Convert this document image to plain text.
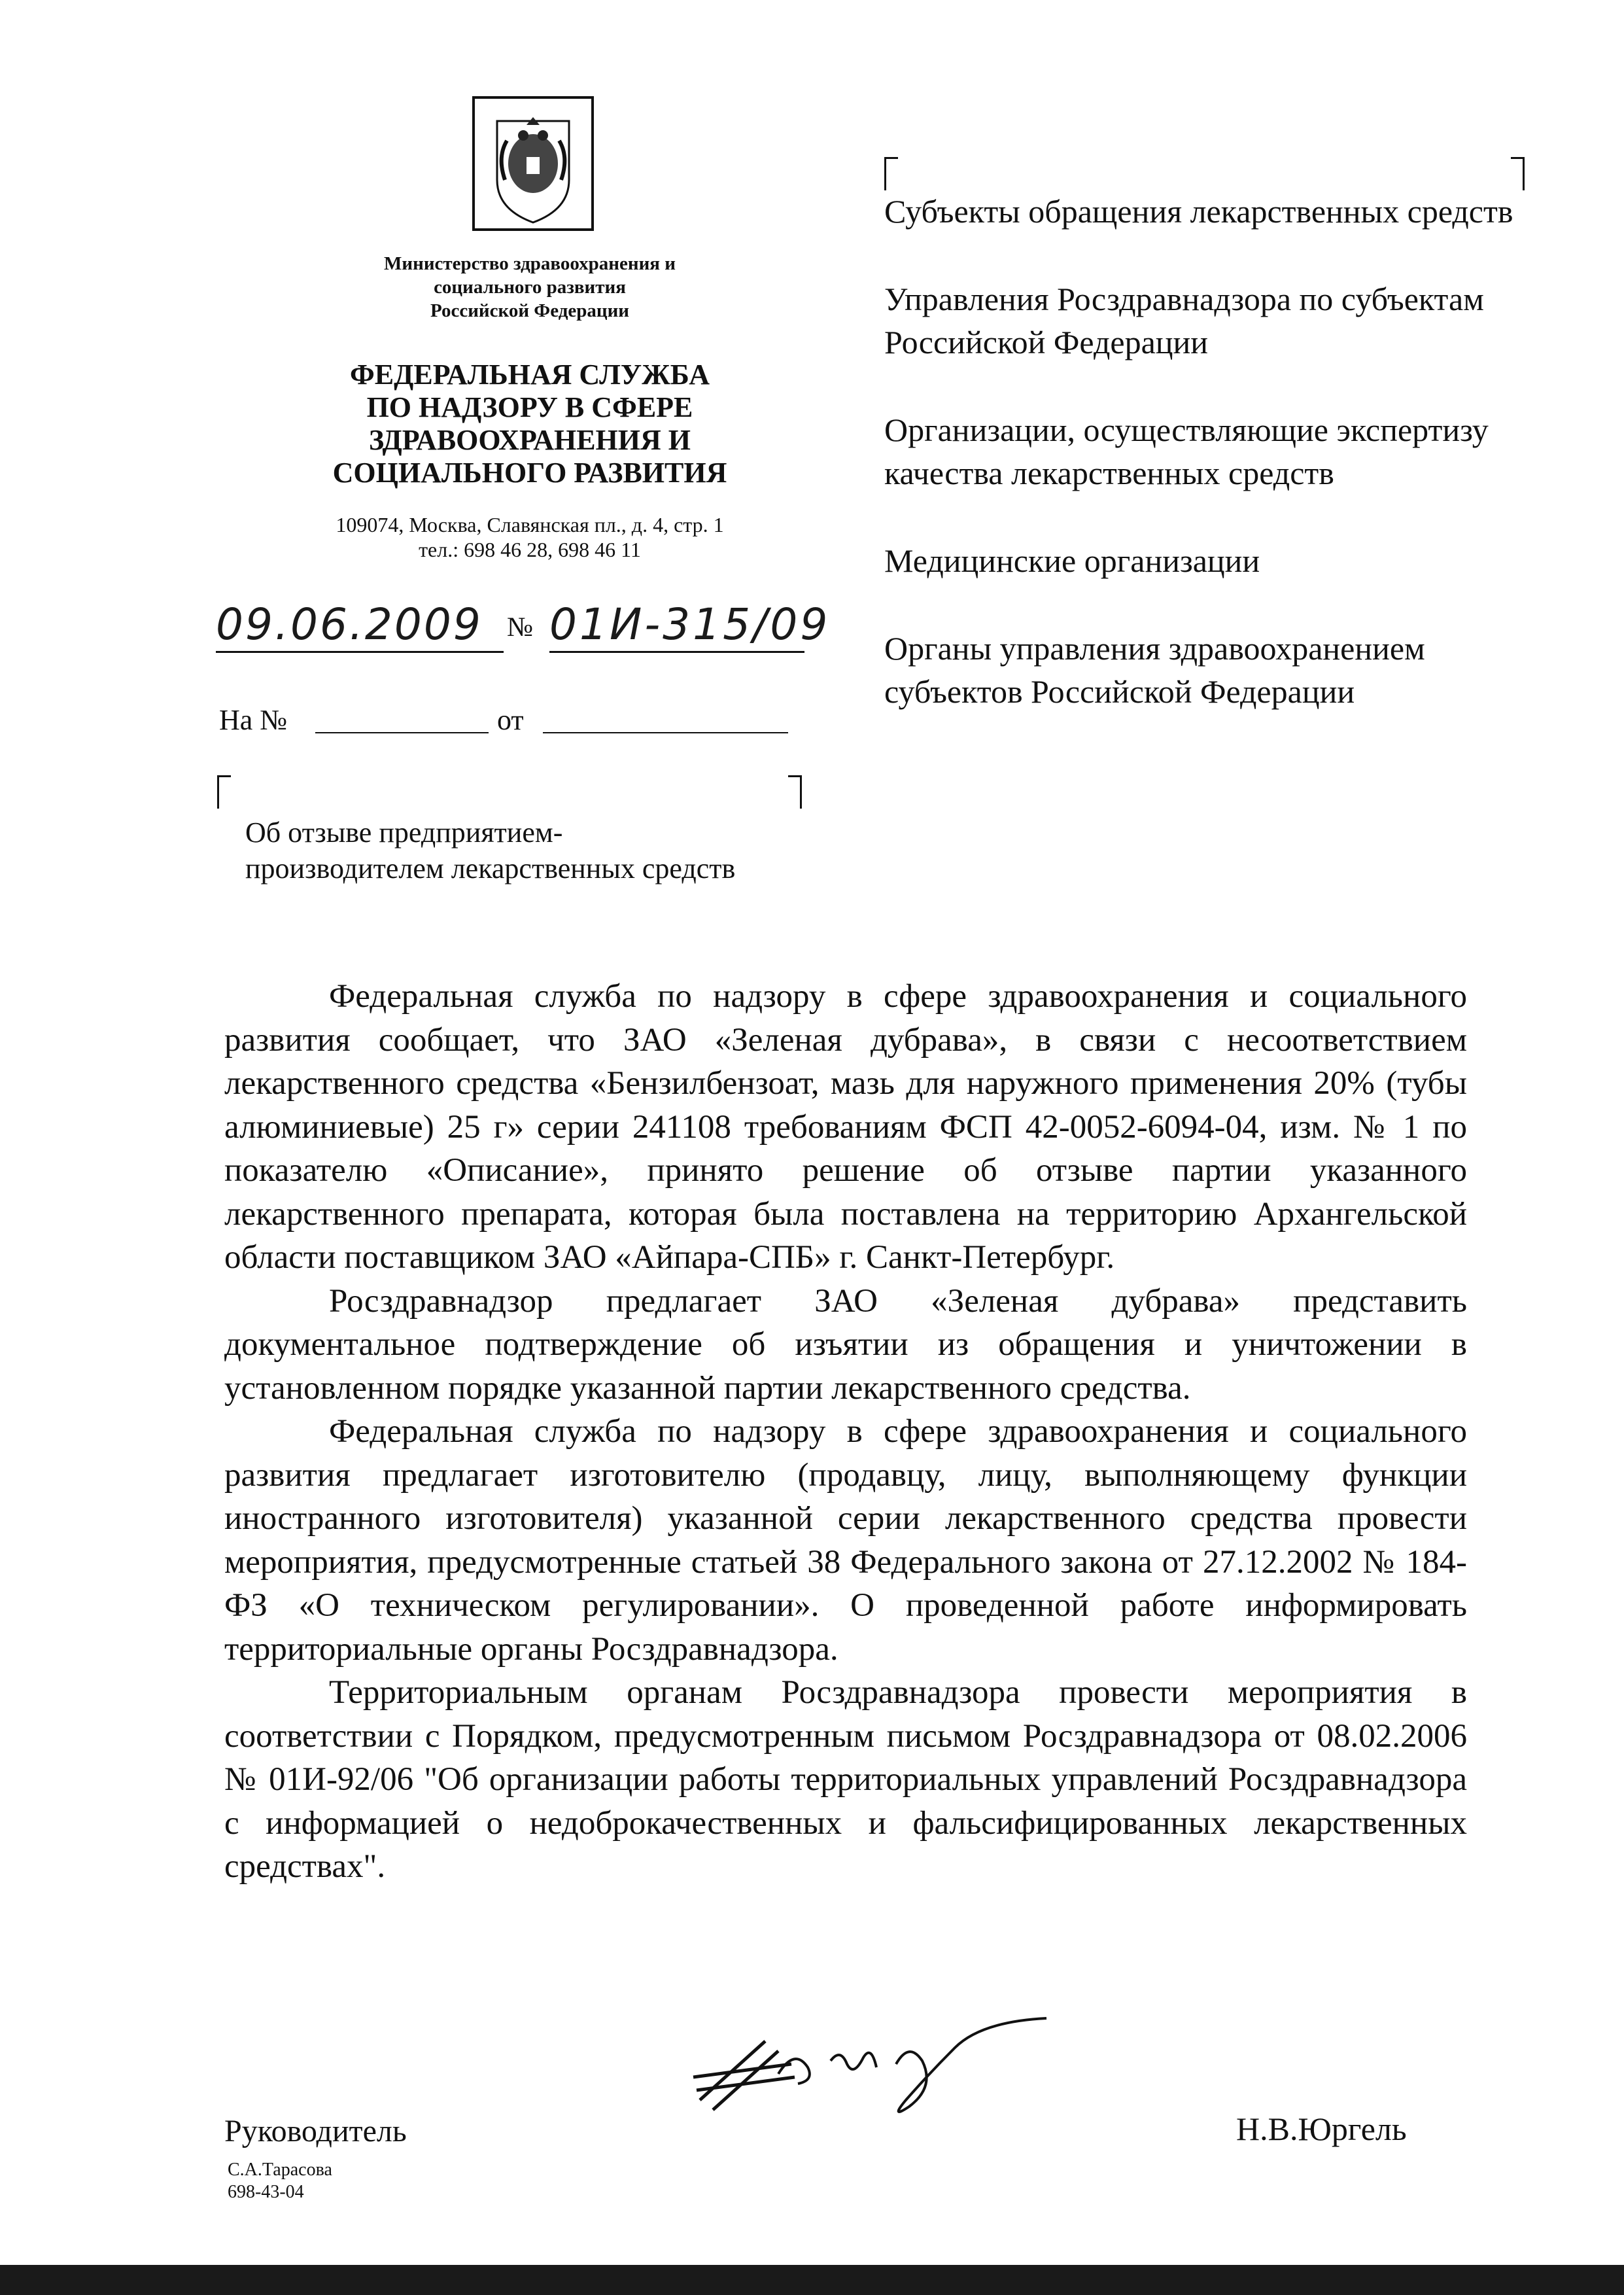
Министерство здравоохранения и
социального развития
Российской Федерации
ФЕДЕРАЛЬНАЯ СЛУЖБА
ПО НАДЗОРУ В СФЕРЕ
ЗДРАВООХРАНЕНИЯ И
СОЦИАЛЬНОГО РАЗВИТИЯ
109074, Москва, Славянская пл., д. 4, стр. 1
тел.: 698 46 28, 698 46 11
09.06.2009 № 01И-315/09
На №	от
Об отзыве предприятием-
производителем лекарственных средств
Субъекты обращения лекарственных средств
Управления Росздравнадзора по субъектам Российской Федерации
Организации, осуществляющие экспертизу качества лекарственных средств
Медицинские организации
Органы управления здравоохранением субъектов Российской Федерации

Федеральная служба по надзору в сфере здравоохранения и социального развития сообщает, что ЗАО «Зеленая дубрава», в связи с несоответствием лекарственного средства «Бензилбензоат, мазь для наружного применения 20% (тубы алюминиевые) 25 г» серии 241108 требованиям ФСП 42-0052-6094-04, изм. № 1 по показателю «Описание», принято решение об отзыве партии указанного лекарственного препарата, которая была поставлена на территорию Архангельской области поставщиком ЗАО «Айпара-СПБ» г. Санкт-Петербург.

Росздравнадзор предлагает ЗАО «Зеленая дубрава» представить документальное подтверждение об изъятии из обращения и уничтожении в установленном порядке указанной партии лекарственного средства.

Федеральная служба по надзору в сфере здравоохранения и социального развития предлагает изготовителю (продавцу, лицу, выполняющему функции иностранного изготовителя) указанной серии лекарственного средства провести мероприятия, предусмотренные статьей 38 Федерального закона от 27.12.2002 № 184-ФЗ «О техническом регулировании». О проведенной работе информировать территориальные органы Росздравнадзора.

Территориальным органам Росздравнадзора провести мероприятия в соответствии с Порядком, предусмотренным письмом Росздравнадзора от 08.02.2006 № 01И-92/06 "Об организации работы территориальных управлений Росздравнадзора с информацией о недоброкачественных и фальсифицированных лекарственных средствах".

Руководитель	Н.В.Юргель
С.А.Тарасова
698-43-04
